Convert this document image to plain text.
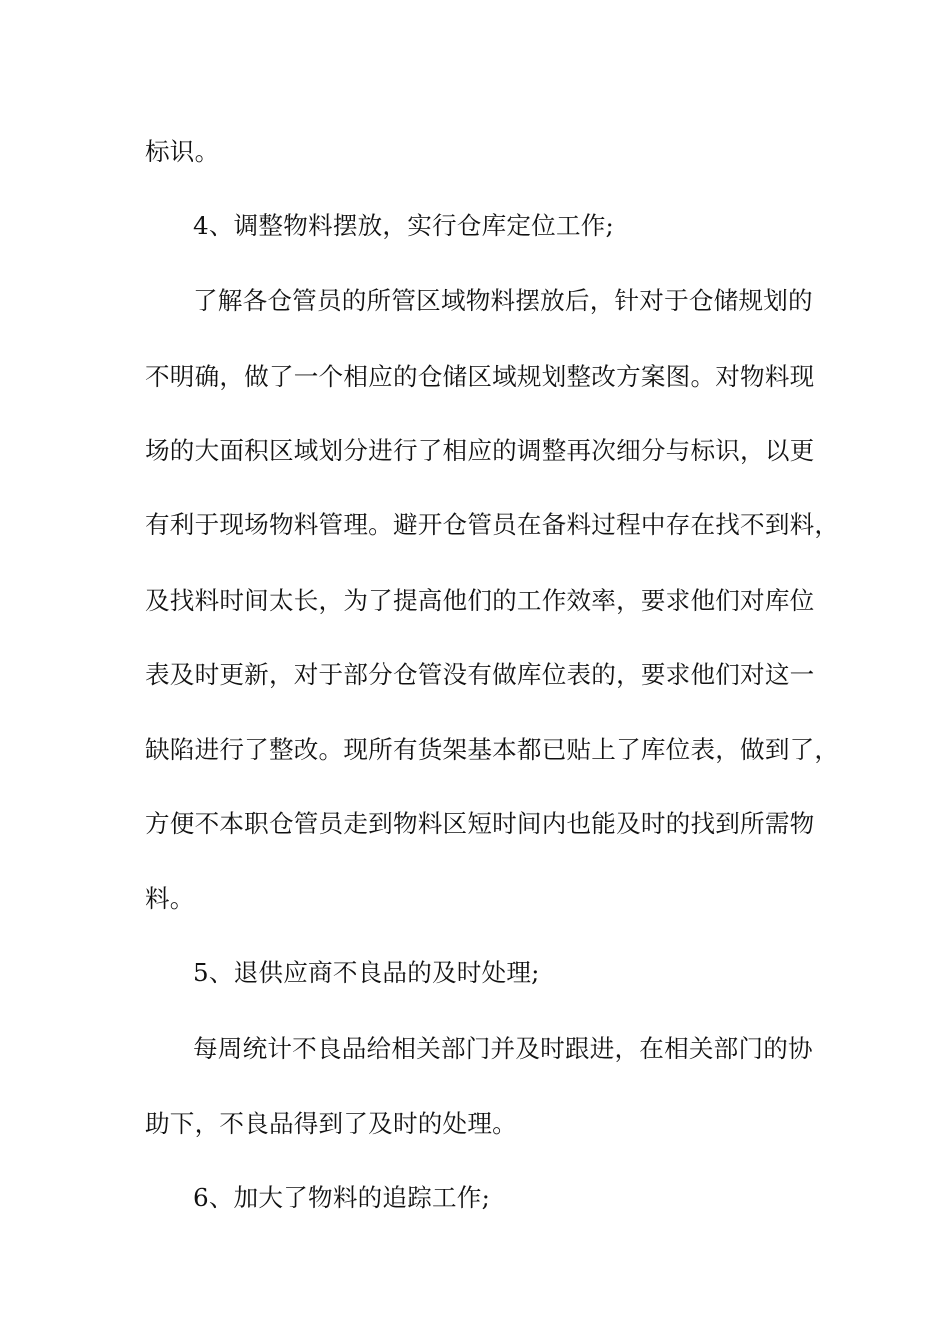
标识。
4、调整物料摆放，实行仓库定位工作;
了解各仓管员的所管区域物料摆放后，针对于仓储规划的
不明确，做了一个相应的仓储区域规划整改方案图。对物料现
场的大面积区域划分进行了相应的调整再次细分与标识，以更
有利于现场物料管理。避开仓管员在备料过程中存在找不到料，
及找料时间太长，为了提高他们的工作效率，要求他们对库位
表及时更新，对于部分仓管没有做库位表的，要求他们对这一
缺陷进行了整改。现所有货架基本都已贴上了库位表，做到了，
方便不本职仓管员走到物料区短时间内也能及时的找到所需物
料。
5、退供应商不良品的及时处理;
每周统计不良品给相关部门并及时跟进，在相关部门的协
助下，不良品得到了及时的处理。
6、加大了物料的追踪工作;
